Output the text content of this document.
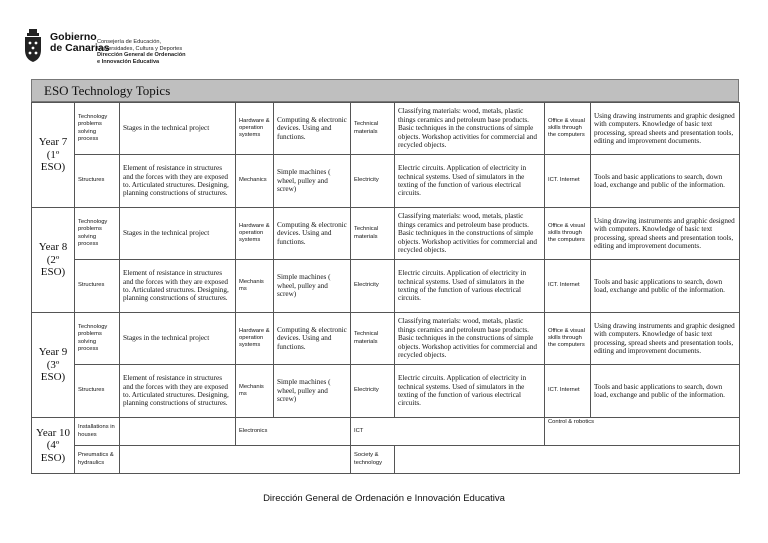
Gobierno
de Canarias
Consejería de Educación,
Universidades, Cultura y Deportes
Dirección General de Ordenación
e Innovación Educativa
ESO Technology Topics
Year 7 (1º ESO)	Technology problems solving process	Stages in the technical project	Hardware & operation systems	Computing & electronic devices. Using and functions.	Technical materials	Classifying materials: wood, metals, plastic things ceramics and petroleum base products. Basic techniques in the constructions of simple objects. Workshop activities for commercial and recycled objects.	Office & visual skills through the computers	Using drawing instruments and graphic designed with computers. Knowledge of basic text processing, spread sheets and presentation tools, editing and improvement documents.
	Structures	Element of resistance in structures and the forces with they are exposed to. Articulated structures. Designing, planning constructions of structures.	Mechanics	Simple machines ( wheel, pulley and screw)	Electricity	Electric circuits. Application of electricity in technical systems. Used of simulators in the texting of the function of various electrical circuits.	ICT. Internet	Tools and basic applications to search, down load, exchange and public of the information.
Year 8 (2º ESO)	Technology problems solving process	Stages in the technical project	Hardware & operation systems	Computing & electronic devices. Using and functions.	Technical materials	Classifying materials: wood, metals, plastic things ceramics and petroleum base products. Basic techniques in the constructions of simple objects. Workshop activities for commercial and recycled objects.	Office & visual skills through the computers	Using drawing instruments and graphic designed with computers. Knowledge of basic text processing, spread sheets and presentation tools, editing and improvement documents.
	Structures	Element of resistance in structures and the forces with they are exposed to. Articulated structures. Designing, planning constructions of structures.	Mechanis ms	Simple machines ( wheel, pulley and screw)	Electricity	Electric circuits. Application of electricity in technical systems. Used of simulators in the texting of the function of various electrical circuits.	ICT. Internet	Tools and basic applications to search, down load, exchange and public of the information.
Year 9 (3º ESO)	Technology problems solving process	Stages in the technical project	Hardware & operation systems	Computing & electronic devices. Using and functions.	Technical materials	Classifying materials: wood, metals, plastic things ceramics and petroleum base products. Basic techniques in the constructions of simple objects. Workshop activities for commercial and recycled objects.	Office & visual skills through the computers	Using drawing instruments and graphic designed with computers. Knowledge of basic text processing, spread sheets and presentation tools, editing and improvement documents.
	Structures	Element of resistance in structures and the forces with they are exposed to. Articulated structures. Designing, planning constructions of structures.	Mechanis ms	Simple machines ( wheel, pulley and screw)	Electricity	Electric circuits. Application of electricity in technical systems. Used of simulators in the texting of the function of various electrical circuits.	ICT. Internet	Tools and basic applications to search, down load, exchange and public of the information.
Year 10 (4º ESO)	Installations in houses		Electronics		ICT		Control & robotics	
	Pneumatics & hydraulics				Society & technology			
Dirección General de Ordenación e Innovación Educativa
